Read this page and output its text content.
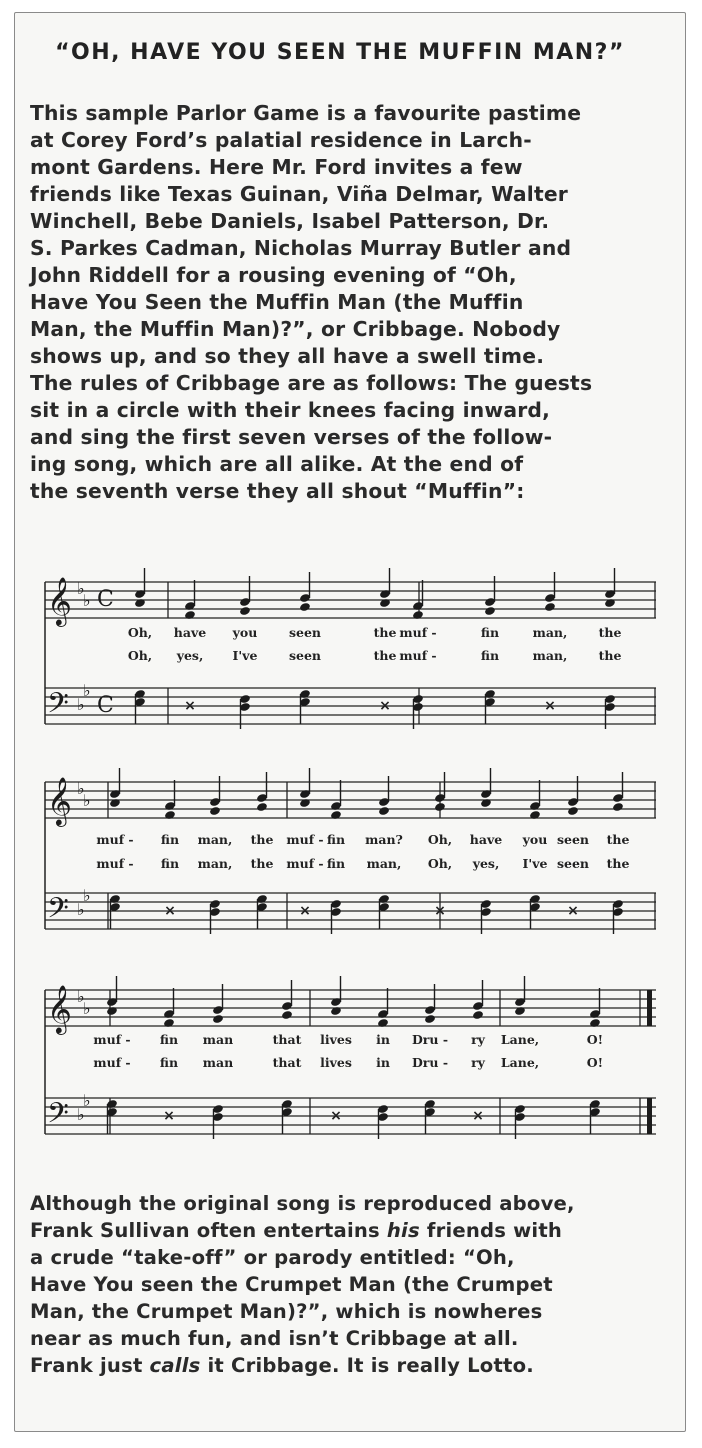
“OH, HAVE YOU SEEN THE MUFFIN MAN?”

This sample Parlor Game is a favourite pastime

at Corey Ford’s palatial residence in Larch-

mont Gardens. Here Mr. Ford invites a few

friends like Texas Guinan, Viña Delmar, Walter

Winchell, Bebe Daniels, Isabel Patterson, Dr.

S. Parkes Cadman, Nicholas Murray Butler and

John Riddell for a rousing evening of “Oh,

Have You Seen the Muffin Man (the Muffin

Man, the Muffin Man)?”, or Cribbage. Nobody

shows up, and so they all have a swell time.

The rules of Cribbage are as follows: The guests

sit in a circle with their knees facing inward,

and sing the first seven verses of the follow-

ing song, which are all alike. At the end of

the seventh verse they all shout “Muffin”:

𝄞
𝄢
♭
♭
♭
♭
C
C	×	×	×
Oh, have you	seen	the muf -	fin	man, the
Oh, yes, I've	seen	the muf -	fin	man, the
𝄞
𝄢
♭
♭
♭
♭
×	×	×	×
muf - fin man, the muf - fin man? Oh, have you seen the
muf - fin man, the muf - fin man, Oh, yes, I've seen the
𝄞
𝄢
♭
♭
♭
♭
×	×	×
muf - fin man	that lives in Dru - ry Lane,	O!
muf - fin man	that lives in Dru - ry Lane,	O!

Although the original song is reproduced above,

Frank Sullivan often entertains his friends with

a crude “take-off” or parody entitled: “Oh,

Have You seen the Crumpet Man (the Crumpet

Man, the Crumpet Man)?”, which is nowheres

near as much fun, and isn’t Cribbage at all.

Frank just calls it Cribbage. It is really Lotto.
